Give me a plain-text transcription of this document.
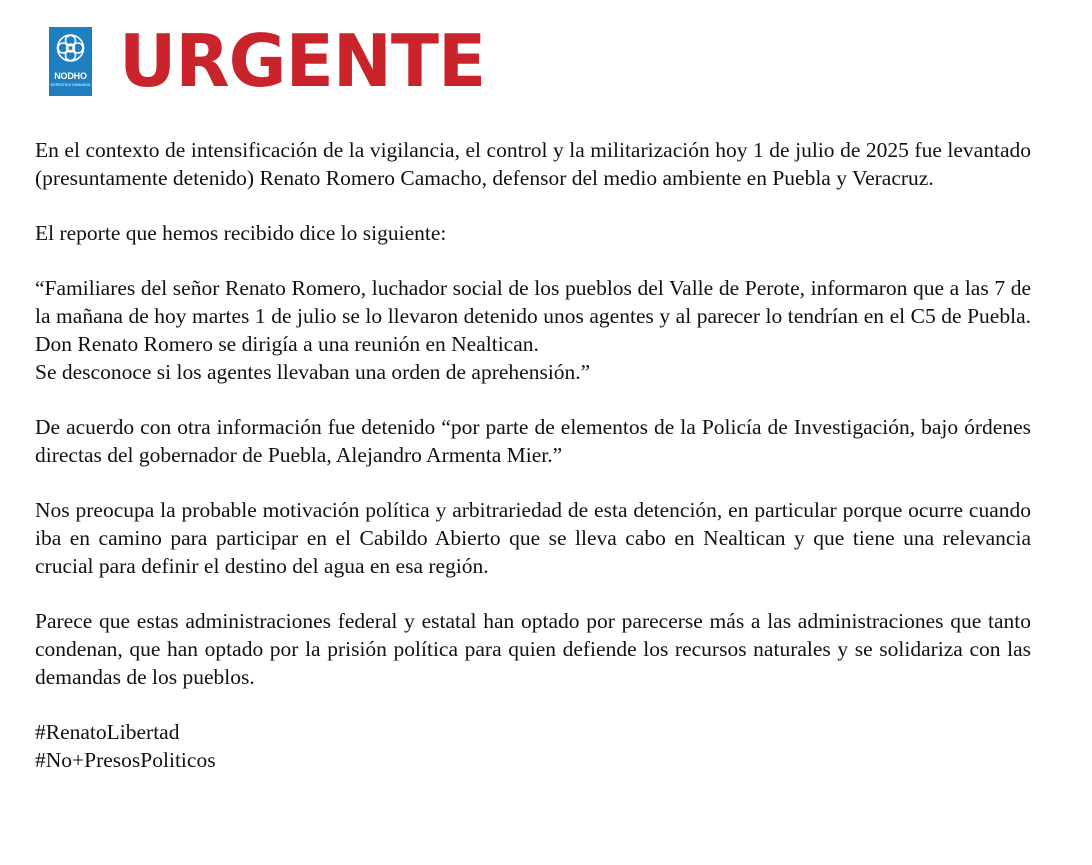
NODHO
DERECHOS HUMANOS URGENTE

En el contexto de intensificación de la vigilancia, el control y la militarización hoy 1 de julio de 2025 fue levantado (presuntamente detenido) Renato Romero Camacho, defensor del medio ambiente en Puebla y Veracruz.

El reporte que hemos recibido dice lo siguiente:

“Familiares del señor Renato Romero, luchador social de los pueblos del Valle de Perote, informaron que a las 7 de la mañana de hoy martes 1 de julio se lo llevaron detenido unos agentes y al parecer lo tendrían en el C5 de Puebla. Don Renato Romero se dirigía a una reunión en Nealtican.
Se desconoce si los agentes llevaban una orden de aprehensión.”

De acuerdo con otra información fue detenido “por parte de elementos de la Policía de Investigación, bajo órdenes directas del gobernador de Puebla, Alejandro Armenta Mier.”

Nos preocupa la probable motivación política y arbitrariedad de esta detención, en particular porque ocurre cuando iba en camino para participar en el Cabildo Abierto que se lleva cabo en Nealtican y que tiene una relevancia crucial para definir el destino del agua en esa región.

Parece que estas administraciones federal y estatal han optado por parecerse más a las administraciones que tanto condenan, que han optado por la prisión política para quien defiende los recursos naturales y se solidariza con las demandas de los pueblos.

#RenatoLibertad
#No+PresosPoliticos
